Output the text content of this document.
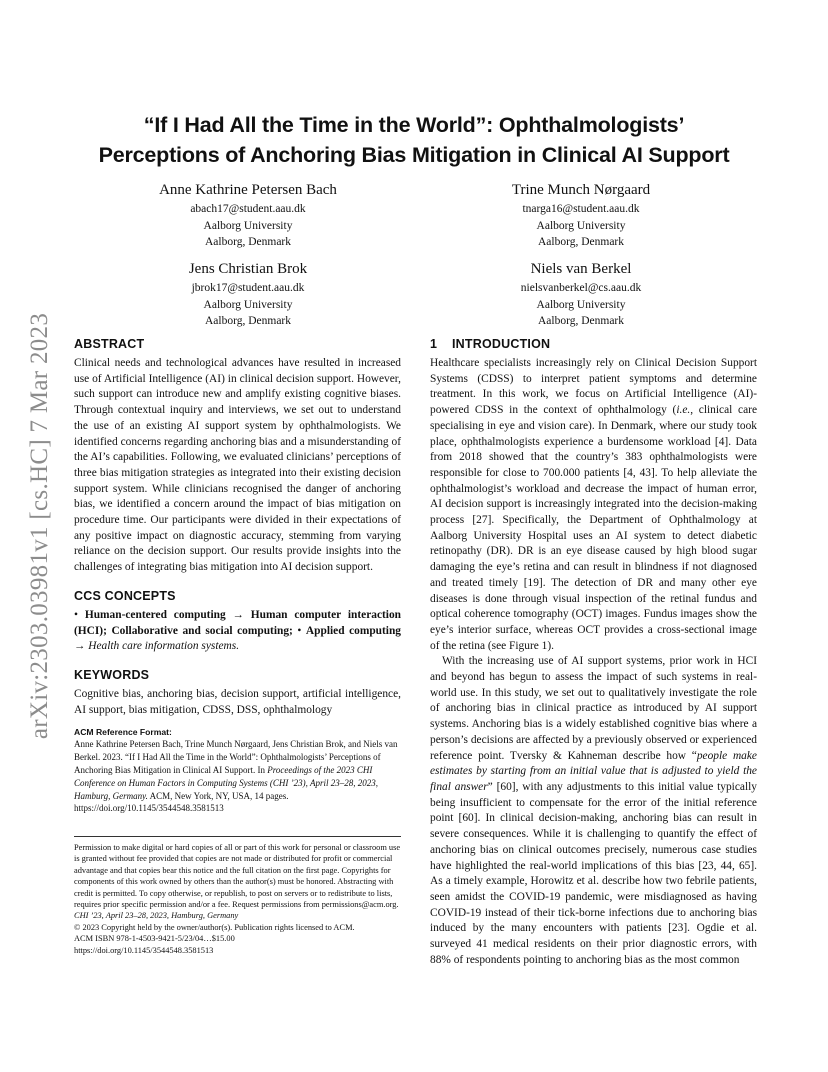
arXiv:2303.03981v1 [cs.HC] 7 Mar 2023
“If I Had All the Time in the World”: Ophthalmologists’
Perceptions of Anchoring Bias Mitigation in Clinical AI Support
Anne Kathrine Petersen Bach
abach17@student.aau.dk
Aalborg University
Aalborg, Denmark
Trine Munch Nørgaard
tnarga16@student.aau.dk
Aalborg University
Aalborg, Denmark
Jens Christian Brok
jbrok17@student.aau.dk
Aalborg University
Aalborg, Denmark
Niels van Berkel
nielsvanberkel@cs.aau.dk
Aalborg University
Aalborg, Denmark
ABSTRACT

Clinical needs and technological advances have resulted in increased use of Artificial Intelligence (AI) in clinical decision support. However, such support can introduce new and amplify existing cognitive biases. Through contextual inquiry and interviews, we set out to understand the use of an existing AI support system by ophthalmologists. We identified concerns regarding anchoring bias and a misunderstanding of the AI’s capabilities. Following, we evaluated clinicians’ perceptions of three bias mitigation strategies as integrated into their existing decision support system. While clinicians recognised the danger of anchoring bias, we identified a concern around the impact of bias mitigation on procedure time. Our participants were divided in their expectations of any positive impact on diagnostic accuracy, stemming from varying reliance on the decision support. Our results provide insights into the challenges of integrating bias mitigation into AI decision support.

CCS CONCEPTS

• Human-centered computing → Human computer interaction (HCI); Collaborative and social computing; • Applied computing → Health care information systems.

KEYWORDS

Cognitive bias, anchoring bias, decision support, artificial intelligence, AI support, bias mitigation, CDSS, DSS, ophthalmology

ACM Reference Format:

Anne Kathrine Petersen Bach, Trine Munch Nørgaard, Jens Christian Brok, and Niels van Berkel. 2023. “If I Had All the Time in the World”: Ophthalmologists’ Perceptions of Anchoring Bias Mitigation in Clinical AI Support. In Proceedings of the 2023 CHI Conference on Human Factors in Computing Systems (CHI ’23), April 23–28, 2023, Hamburg, Germany. ACM, New York, NY, USA, 14 pages. https://doi.org/10.1145/3544548.3581513

Permission to make digital or hard copies of all or part of this work for personal or classroom use is granted without fee provided that copies are not made or distributed for profit or commercial advantage and that copies bear this notice and the full citation on the first page. Copyrights for components of this work owned by others than the author(s) must be honored. Abstracting with credit is permitted. To copy otherwise, or republish, to post on servers or to redistribute to lists, requires prior specific permission and/or a fee. Request permissions from permissions@acm.org.

CHI ’23, April 23–28, 2023, Hamburg, Germany

© 2023 Copyright held by the owner/author(s). Publication rights licensed to ACM.

ACM ISBN 978-1-4503-9421-5/23/04…$15.00

https://doi.org/10.1145/3544548.3581513

1 INTRODUCTION

Healthcare specialists increasingly rely on Clinical Decision Support Systems (CDSS) to interpret patient symptoms and determine treatment. In this work, we focus on Artificial Intelligence (AI)-powered CDSS in the context of ophthalmology (i.e., clinical care specialising in eye and vision care). In Denmark, where our study took place, ophthalmologists experience a burdensome workload [4]. Data from 2018 showed that the country’s 383 ophthalmologists were responsible for close to 700.000 patients [4, 43]. To help alleviate the ophthalmologist’s workload and decrease the impact of human error, AI decision support is increasingly integrated into the decision-making process [27]. Specifically, the Department of Ophthalmology at Aalborg University Hospital uses an AI system to detect diabetic retinopathy (DR). DR is an eye disease caused by high blood sugar damaging the eye’s retina and can result in blindness if not diagnosed and treated timely [19]. The detection of DR and many other eye diseases is done through visual inspection of the retinal fundus and optical coherence tomography (OCT) images. Fundus images show the eye’s interior surface, whereas OCT provides a cross-sectional image of the retina (see Figure 1).

With the increasing use of AI support systems, prior work in HCI and beyond has begun to assess the impact of such systems in real-world use. In this study, we set out to qualitatively investigate the role of anchoring bias in clinical practice as introduced by AI support systems. Anchoring bias is a widely established cognitive bias where a person’s decisions are affected by a previously observed or experienced reference point. Tversky & Kahneman describe how “people make estimates by starting from an initial value that is adjusted to yield the final answer” [60], with any adjustments to this initial value typically being insufficient to compensate for the error of the initial reference point [60]. In clinical decision-making, anchoring bias can result in severe consequences. While it is challenging to quantify the effect of anchoring bias on clinical outcomes precisely, numerous case studies have highlighted the real-world implications of this bias [23, 44, 65]. As a timely example, Horowitz et al. describe how two febrile patients, seen amidst the COVID-19 pandemic, were misdiagnosed as having COVID-19 instead of their tick-borne infections due to anchoring bias induced by the many encounters with patients [23]. Ogdie et al. surveyed 41 medical residents on their prior diagnostic errors, with 88% of respondents pointing to anchoring bias as the most common
